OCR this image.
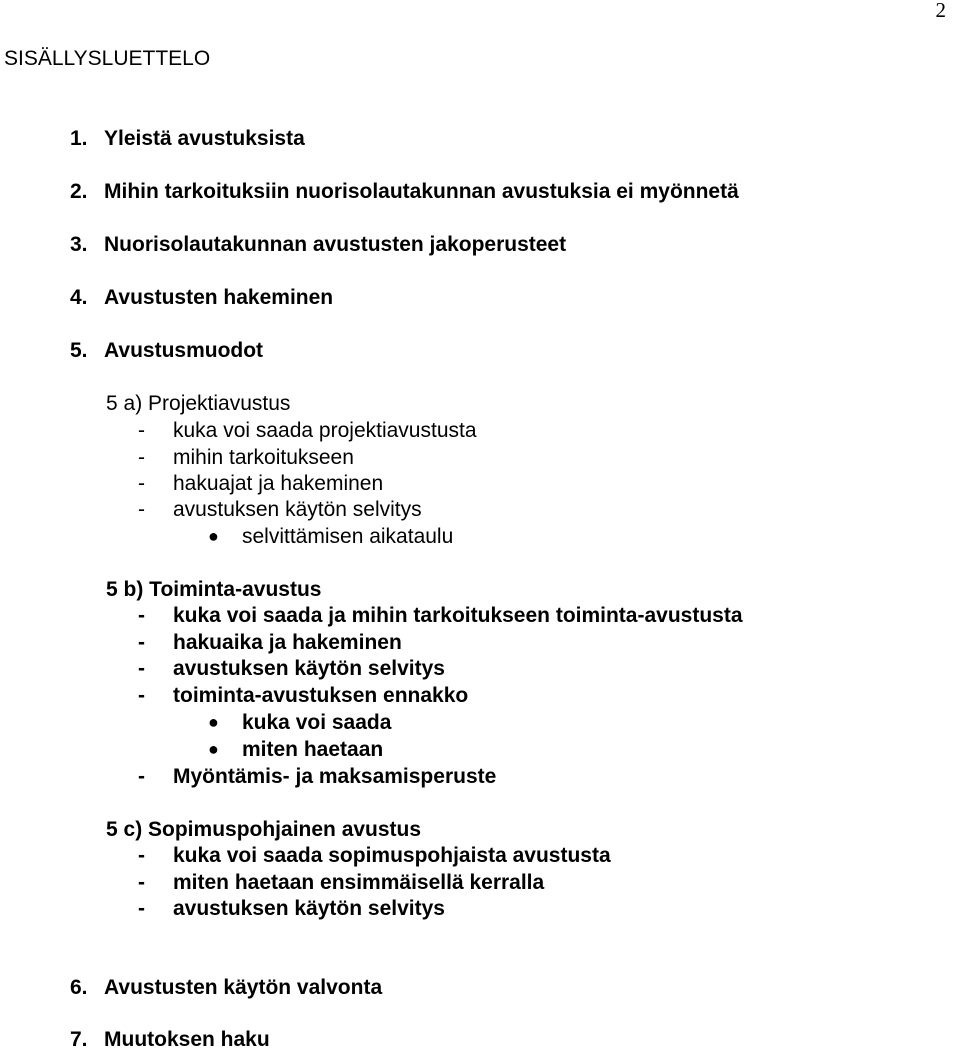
2
SISÄLLYSLUETTELO
1. Yleistä avustuksista
2. Mihin tarkoituksiin nuorisolautakunnan avustuksia ei myönnetä
3. Nuorisolautakunnan avustusten jakoperusteet
4. Avustusten hakeminen
5. Avustusmuodot
5 a) Projektiavustus
- kuka voi saada projektiavustusta
- mihin tarkoitukseen
- hakuajat ja hakeminen
- avustuksen käytön selvitys
● selvittämisen aikataulu
5 b) Toiminta-avustus
- kuka voi saada ja mihin tarkoitukseen toiminta-avustusta
- hakuaika ja hakeminen
- avustuksen käytön selvitys
- toiminta-avustuksen ennakko
● kuka voi saada
● miten haetaan
- Myöntämis- ja maksamisperuste
5 c) Sopimuspohjainen avustus
- kuka voi saada sopimuspohjaista avustusta
- miten haetaan ensimmäisellä kerralla
- avustuksen käytön selvitys
6. Avustusten käytön valvonta
7. Muutoksen haku
